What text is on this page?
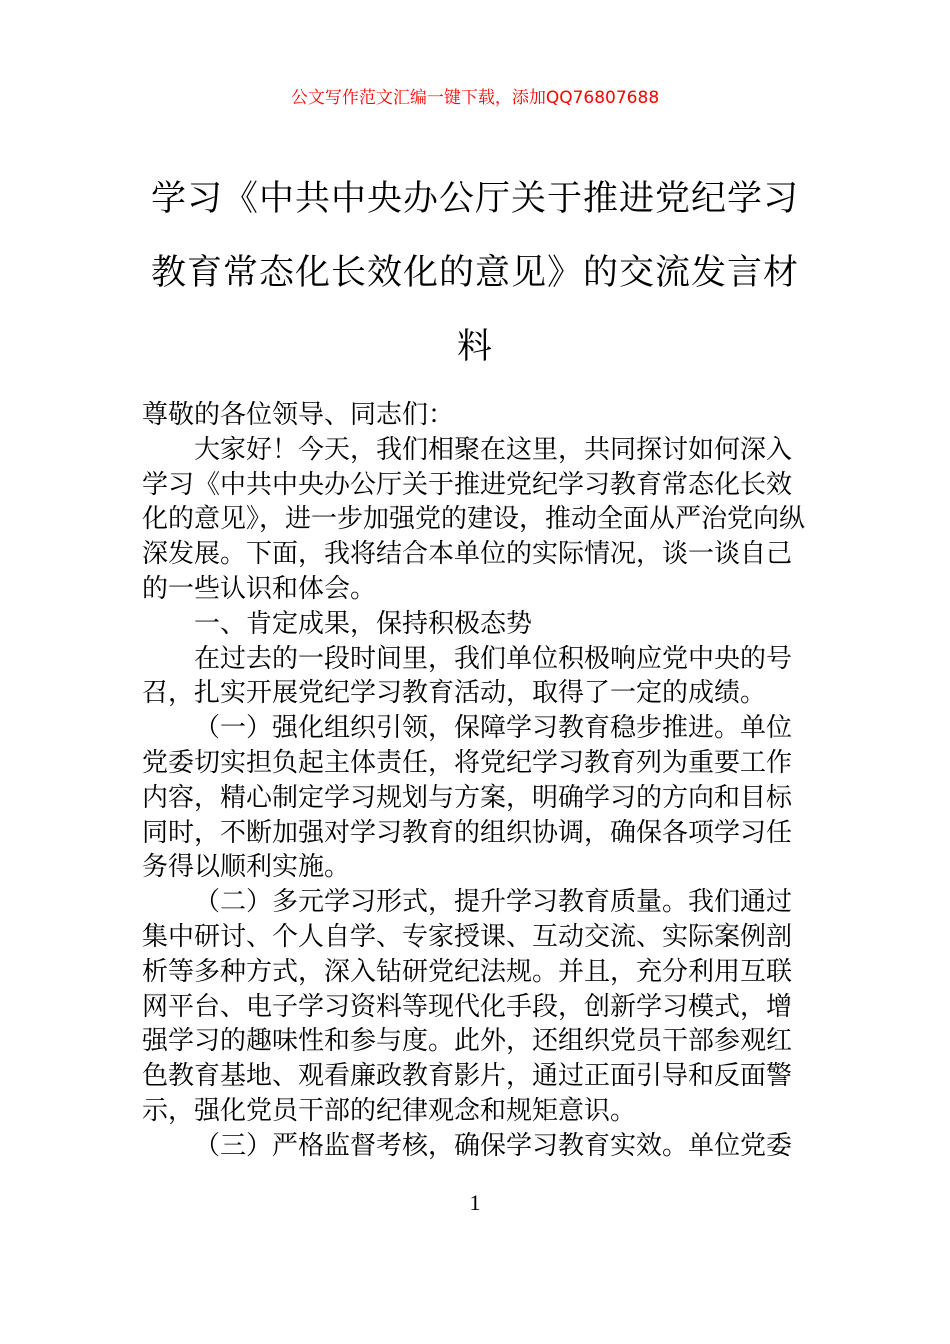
公文写作范文汇编一键下载，添加QQ76807688
学习《中共中央办公厅关于推进党纪学习
教育常态化长效化的意见》的交流发言材
料

尊敬的各位领导、同志们：

大家好！今天，我们相聚在这里，共同探讨如何深入学习《中共中央办公厅关于推进党纪学习教育常态化长效化的意见》，进一步加强党的建设，推动全面从严治党向纵深发展。下面，我将结合本单位的实际情况，谈一谈自己的一些认识和体会。

一、肯定成果，保持积极态势

在过去的一段时间里，我们单位积极响应党中央的号召，扎实开展党纪学习教育活动，取得了一定的成绩。

（一）强化组织引领，保障学习教育稳步推进。单位党委切实担负起主体责任，将党纪学习教育列为重要工作内容，精心制定学习规划与方案，明确学习的方向和目标同时，不断加强对学习教育的组织协调，确保各项学习任务得以顺利实施。

（二）多元学习形式，提升学习教育质量。我们通过集中研讨、个人自学、专家授课、互动交流、实际案例剖析等多种方式，深入钻研党纪法规。并且，充分利用互联网平台、电子学习资料等现代化手段，创新学习模式，增强学习的趣味性和参与度。此外，还组织党员干部参观红色教育基地、观看廉政教育影片，通过正面引导和反面警示，强化党员干部的纪律观念和规矩意识。

（三）严格监督考核，确保学习教育实效。单位党委

1
